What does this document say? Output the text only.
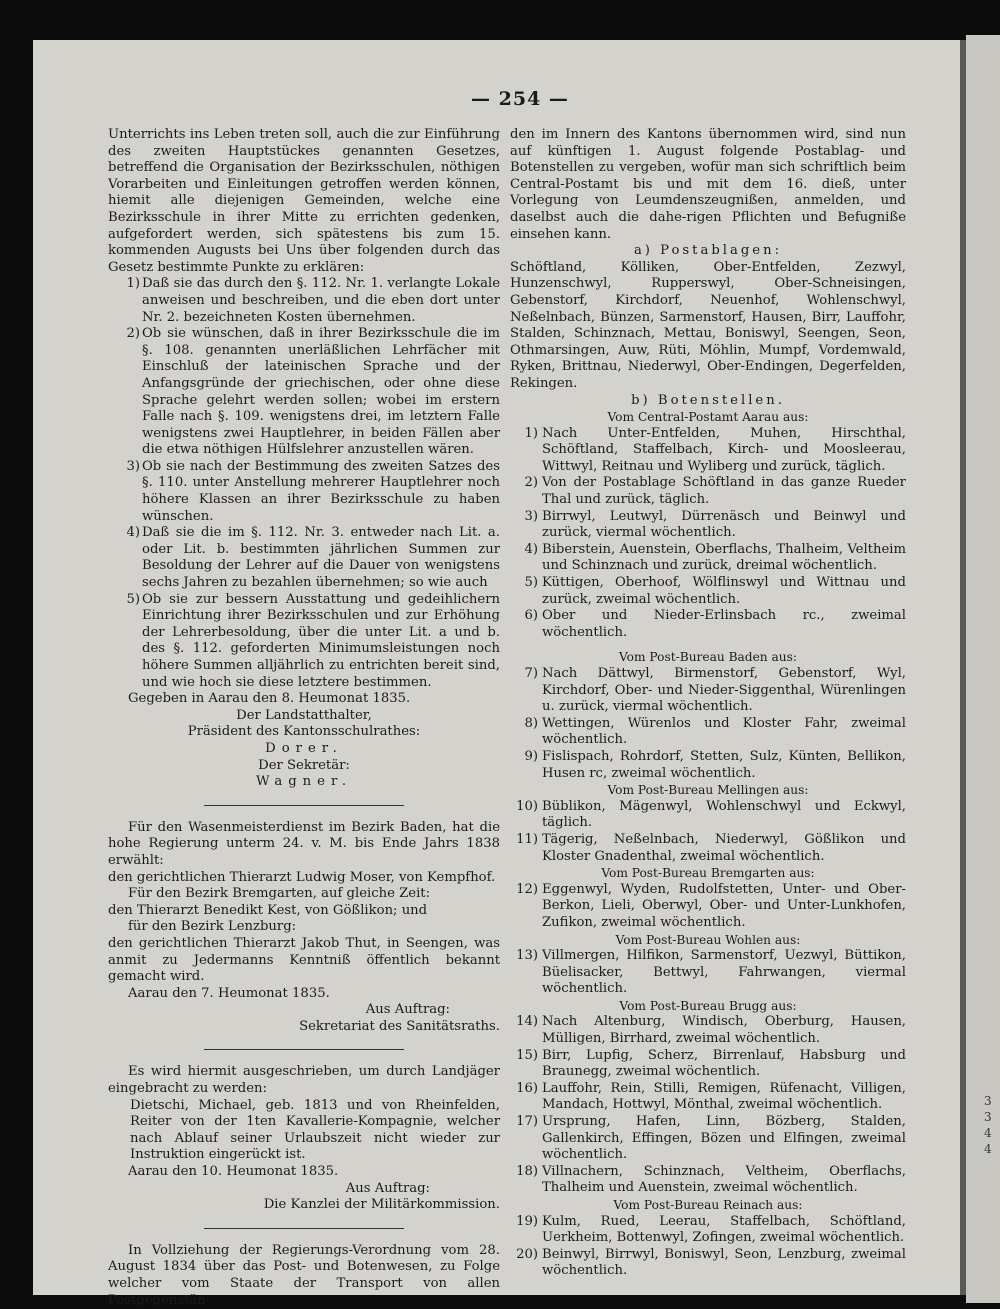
— 254 —

Unterrichts ins Leben treten soll, auch die zur Einführung des zweiten Hauptstückes genannten Gesetzes, betreffend die Organisation der Bezirksschulen, nöthigen Vorarbeiten und Einleitungen getroffen werden können, hiemit alle diejenigen Gemeinden, welche eine Bezirksschule in ihrer Mitte zu errichten gedenken, aufgefordert werden, sich spätestens bis zum 15. kommenden Augusts bei Uns über folgenden durch das Gesetz bestimmte Punkte zu erklären:

1) Daß sie das durch den §. 112. Nr. 1. verlangte Lokale anweisen und beschreiben, und die eben dort unter Nr. 2. bezeichneten Kosten übernehmen.
2) Ob sie wünschen, daß in ihrer Bezirksschule die im §. 108. genannten unerläßlichen Lehrfächer mit Einschluß der lateinischen Sprache und der Anfangsgründe der griechischen, oder ohne diese Sprache gelehrt werden sollen; wobei im erstern Falle nach §. 109. wenigstens drei, im letztern Falle wenigstens zwei Hauptlehrer, in beiden Fällen aber die etwa nöthigen Hülfslehrer anzustellen wären.
3) Ob sie nach der Bestimmung des zweiten Satzes des §. 110. unter Anstellung mehrerer Hauptlehrer noch höhere Klassen an ihrer Bezirksschule zu haben wünschen.
4) Daß sie die im §. 112. Nr. 3. entweder nach Lit. a. oder Lit. b. bestimmten jährlichen Summen zur Besoldung der Lehrer auf die Dauer von wenigstens sechs Jahren zu bezahlen übernehmen; so wie auch
5) Ob sie zur bessern Ausstattung und gedeihlichern Einrichtung ihrer Bezirksschulen und zur Erhöhung der Lehrerbesoldung, über die unter Lit. a und b. des §. 112. geforderten Minimumsleistungen noch höhere Summen alljährlich zu entrichten bereit sind, und wie hoch sie diese letztere bestimmen.

Gegeben in Aarau den 8. Heumonat 1835.

Der Landstatthalter,

Präsident des Kantonsschulrathes:

Dorer.

Der Sekretär:

Wagner.

Für den Wasenmeisterdienst im Bezirk Baden, hat die hohe Regierung unterm 24. v. M. bis Ende Jahrs 1838 erwählt:

den gerichtlichen Thierarzt Ludwig Moser, von Kempfhof.

Für den Bezirk Bremgarten, auf gleiche Zeit:

den Thierarzt Benedikt Kest, von Gößlikon; und

für den Bezirk Lenzburg:

den gerichtlichen Thierarzt Jakob Thut, in Seengen, was anmit zu Jedermanns Kenntniß öffentlich bekannt gemacht wird.

Aarau den 7. Heumonat 1835.

Aus Auftrag:

Sekretariat des Sanitätsraths.

Es wird hiermit ausgeschrieben, um durch Landjäger eingebracht zu werden:

Dietschi, Michael, geb. 1813 und von Rheinfelden, Reiter von der 1ten Kavallerie-Kompagnie, welcher nach Ablauf seiner Urlaubszeit nicht wieder zur Instruktion eingerückt ist.

Aarau den 10. Heumonat 1835.

Aus Auftrag:

Die Kanzlei der Militärkommission.

In Vollziehung der Regierungs-Verordnung vom 28. August 1834 über das Post- und Botenwesen, zu Folge welcher vom Staate der Transport von allen Postgegenstän-

den im Innern des Kantons übernommen wird, sind nun auf künftigen 1. August folgende Postablag- und Botenstellen zu vergeben, wofür man sich schriftlich beim Central-Postamt bis und mit dem 16. dieß, unter Vorlegung von Leumdenszeugnißen, anmelden, und daselbst auch die dahe-rigen Pflichten und Befugniße einsehen kann.

a) Postablagen:

Schöftland, Kölliken, Ober-Entfelden, Zezwyl, Hunzenschwyl, Rupperswyl, Ober-Schneisingen, Gebenstorf, Kirchdorf, Neuenhof, Wohlenschwyl, Neßelnbach, Bünzen, Sarmenstorf, Hausen, Birr, Lauffohr, Stalden, Schinznach, Mettau, Boniswyl, Seengen, Seon, Othmarsingen, Auw, Rüti, Möhlin, Mumpf, Vordemwald, Ryken, Brittnau, Niederwyl, Ober-Endingen, Degerfelden, Rekingen.

b) Botenstellen.

Vom Central-Postamt Aarau aus:

1) Nach Unter-Entfelden, Muhen, Hirschthal, Schöftland, Staffelbach, Kirch- und Moosleerau, Wittwyl, Reitnau und Wyliberg und zurück, täglich.
2) Von der Postablage Schöftland in das ganze Rueder Thal und zurück, täglich.
3) Birrwyl, Leutwyl, Dürrenäsch und Beinwyl und zurück, viermal wöchentlich.
4) Biberstein, Auenstein, Oberflachs, Thalheim, Veltheim und Schinznach und zurück, dreimal wöchentlich.
5) Küttigen, Oberhoof, Wölflinswyl und Wittnau und zurück, zweimal wöchentlich.
6) Ober und Nieder-Erlinsbach rc., zweimal wöchentlich.

Vom Post-Bureau Baden aus:

7) Nach Dättwyl, Birmenstorf, Gebenstorf, Wyl, Kirchdorf, Ober- und Nieder-Siggenthal, Würenlingen u. zurück, viermal wöchentlich.
8) Wettingen, Würenlos und Kloster Fahr, zweimal wöchentlich.
9) Fislispach, Rohrdorf, Stetten, Sulz, Künten, Bellikon, Husen rc, zweimal wöchentlich.

Vom Post-Bureau Mellingen aus:

10) Büblikon, Mägenwyl, Wohlenschwyl und Eckwyl, täglich.
11) Tägerig, Neßelnbach, Niederwyl, Gößlikon und Kloster Gnadenthal, zweimal wöchentlich.

Vom Post-Bureau Bremgarten aus:

12) Eggenwyl, Wyden, Rudolfstetten, Unter- und Ober-Berkon, Lieli, Oberwyl, Ober- und Unter-Lunkhofen, Zufikon, zweimal wöchentlich.

Vom Post-Bureau Wohlen aus:

13) Villmergen, Hilfikon, Sarmenstorf, Uezwyl, Büttikon, Büelisacker, Bettwyl, Fahrwangen, viermal wöchentlich.

Vom Post-Bureau Brugg aus:

14) Nach Altenburg, Windisch, Oberburg, Hausen, Mülligen, Birrhard, zweimal wöchentlich.
15) Birr, Lupfig, Scherz, Birrenlauf, Habsburg und Braunegg, zweimal wöchentlich.
16) Lauffohr, Rein, Stilli, Remigen, Rüfenacht, Villigen, Mandach, Hottwyl, Mönthal, zweimal wöchentlich.
17) Ursprung, Hafen, Linn, Bözberg, Stalden, Gallenkirch, Effingen, Bözen und Elfingen, zweimal wöchentlich.
18) Villnachern, Schinznach, Veltheim, Oberflachs, Thalheim und Auenstein, zweimal wöchentlich.

Vom Post-Bureau Reinach aus:

19) Kulm, Rued, Leerau, Staffelbach, Schöftland, Uerkheim, Bottenwyl, Zofingen, zweimal wöchentlich.
20) Beinwyl, Birrwyl, Boniswyl, Seon, Lenzburg, zweimal wöchentlich.
3
3
4
4
